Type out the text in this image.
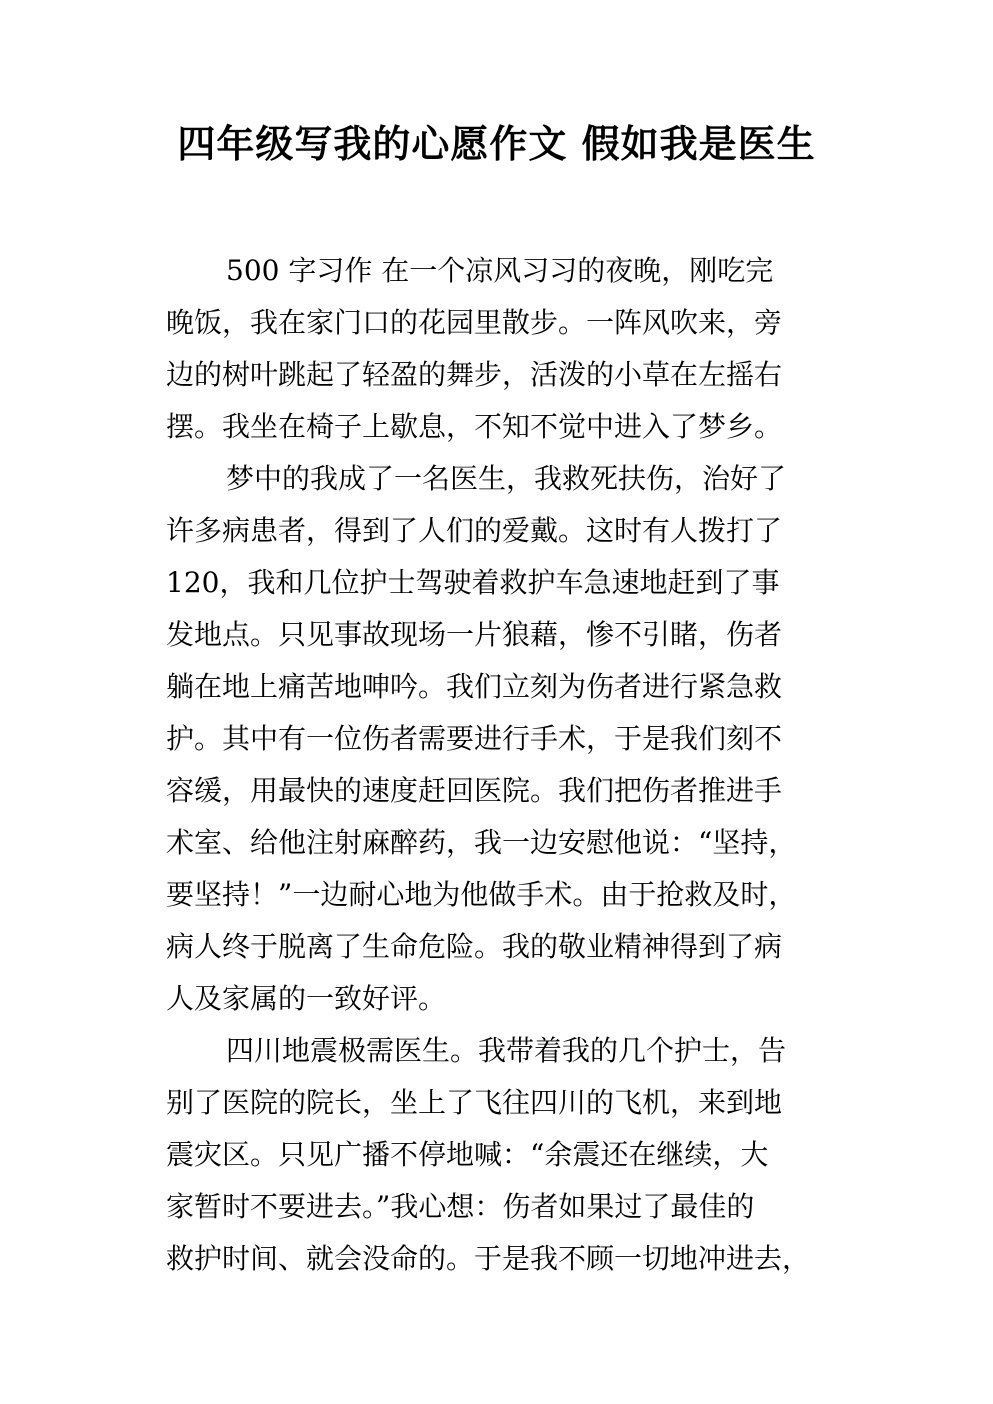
四年级写我的心愿作文 假如我是医生
500 字习作 在一个凉风习习的夜晚，刚吃完
晚饭，我在家门口的花园里散步。一阵风吹来，旁
边的树叶跳起了轻盈的舞步，活泼的小草在左摇右
摆。我坐在椅子上歇息，不知不觉中进入了梦乡。
梦中的我成了一名医生，我救死扶伤，治好了
许多病患者，得到了人们的爱戴。这时有人拨打了
120，我和几位护士驾驶着救护车急速地赶到了事
发地点。只见事故现场一片狼藉，惨不引睹，伤者
躺在地上痛苦地呻吟。我们立刻为伤者进行紧急救
护。其中有一位伤者需要进行手术，于是我们刻不
容缓，用最快的速度赶回医院。我们把伤者推进手
术室、给他注射麻醉药，我一边安慰他说：“坚持，
要坚持！”一边耐心地为他做手术。由于抢救及时，
病人终于脱离了生命危险。我的敬业精神得到了病
人及家属的一致好评。
四川地震极需医生。我带着我的几个护士，告
别了医院的院长，坐上了飞往四川的飞机，来到地
震灾区。只见广播不停地喊：“余震还在继续，大
家暂时不要进去。”我心想：伤者如果过了最佳的
救护时间、就会没命的。于是我不顾一切地冲进去，
